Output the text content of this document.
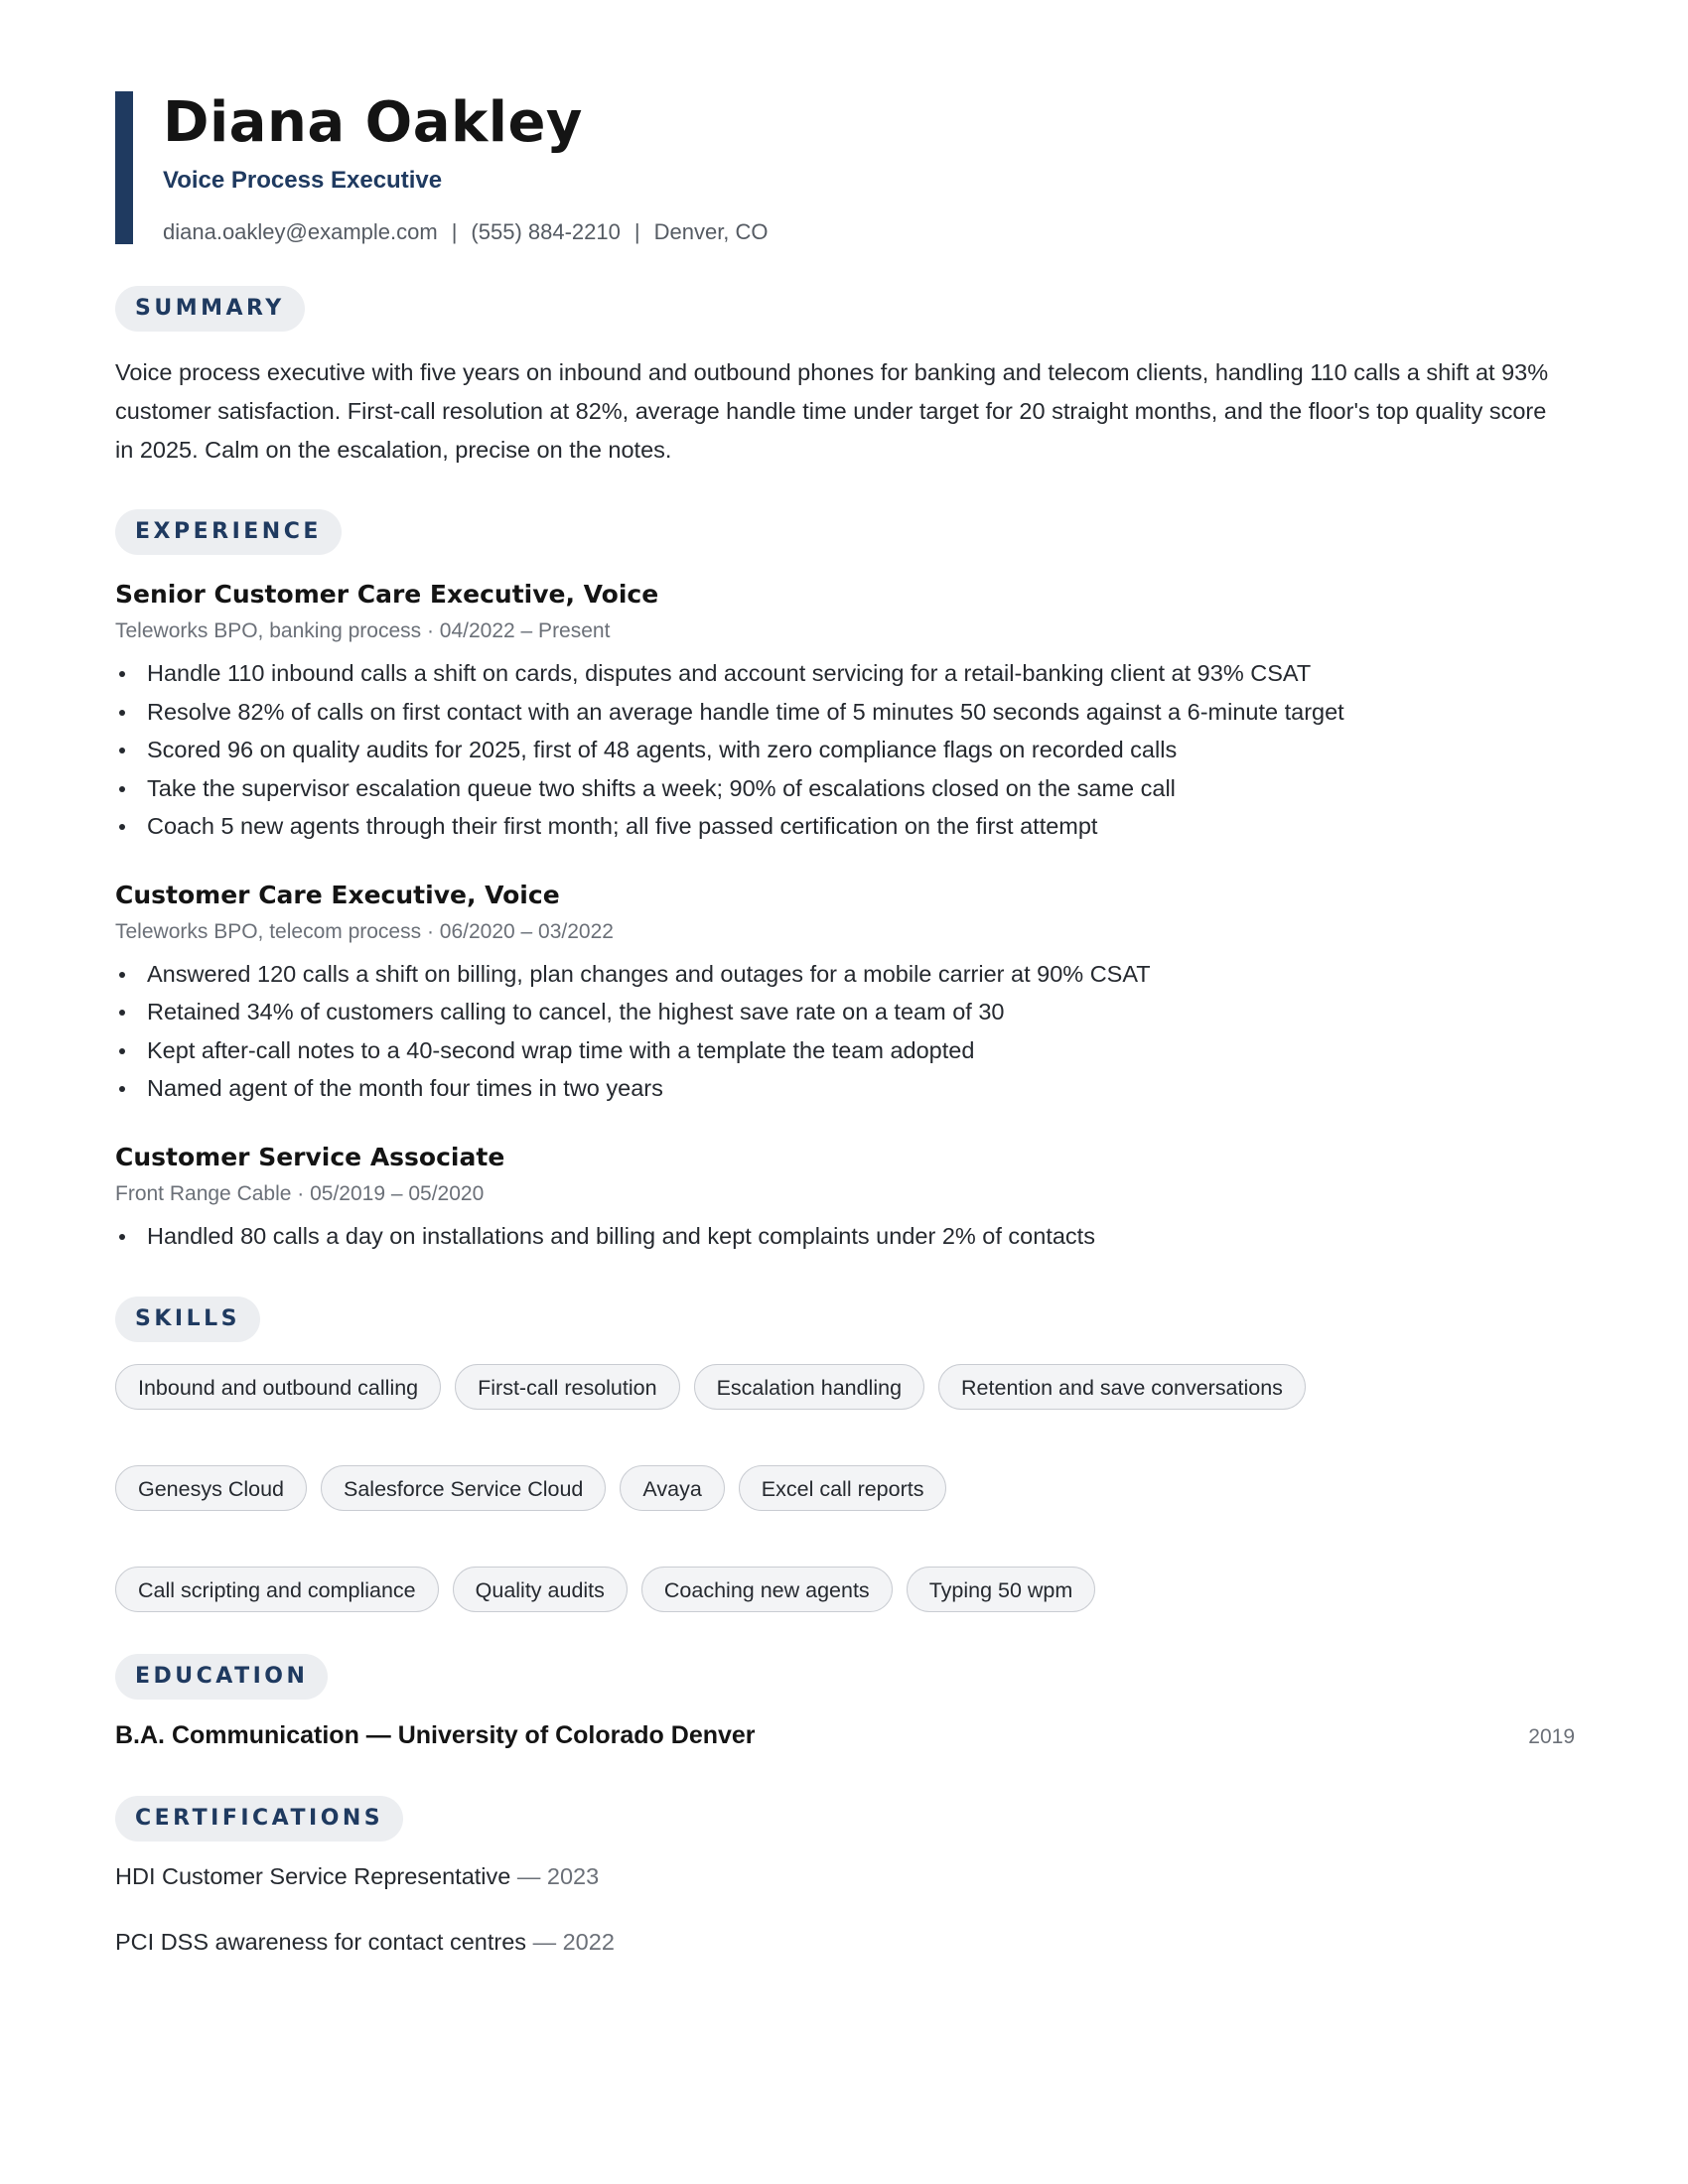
Diana Oakley
Voice Process Executive
diana.oakley@example.com | (555) 884-2210 | Denver, CO
SUMMARY
Voice process executive with five years on inbound and outbound phones for banking and telecom clients, handling 110 calls a shift at 93% customer satisfaction. First-call resolution at 82%, average handle time under target for 20 straight months, and the floor's top quality score in 2025. Calm on the escalation, precise on the notes.
EXPERIENCE
Senior Customer Care Executive, Voice
Teleworks BPO, banking process · 04/2022 – Present
Handle 110 inbound calls a shift on cards, disputes and account servicing for a retail-banking client at 93% CSAT
Resolve 82% of calls on first contact with an average handle time of 5 minutes 50 seconds against a 6-minute target
Scored 96 on quality audits for 2025, first of 48 agents, with zero compliance flags on recorded calls
Take the supervisor escalation queue two shifts a week; 90% of escalations closed on the same call
Coach 5 new agents through their first month; all five passed certification on the first attempt
Customer Care Executive, Voice
Teleworks BPO, telecom process · 06/2020 – 03/2022
Answered 120 calls a shift on billing, plan changes and outages for a mobile carrier at 90% CSAT
Retained 34% of customers calling to cancel, the highest save rate on a team of 30
Kept after-call notes to a 40-second wrap time with a template the team adopted
Named agent of the month four times in two years
Customer Service Associate
Front Range Cable · 05/2019 – 05/2020
Handled 80 calls a day on installations and billing and kept complaints under 2% of contacts
SKILLS
Inbound and outbound calling	First-call resolution	Escalation handling	Retention and save conversations
Genesys Cloud	Salesforce Service Cloud	Avaya	Excel call reports
Call scripting and compliance	Quality audits	Coaching new agents	Typing 50 wpm
EDUCATION
B.A. Communication — University of Colorado Denver	2019
CERTIFICATIONS
HDI Customer Service Representative — 2023
PCI DSS awareness for contact centres — 2022
